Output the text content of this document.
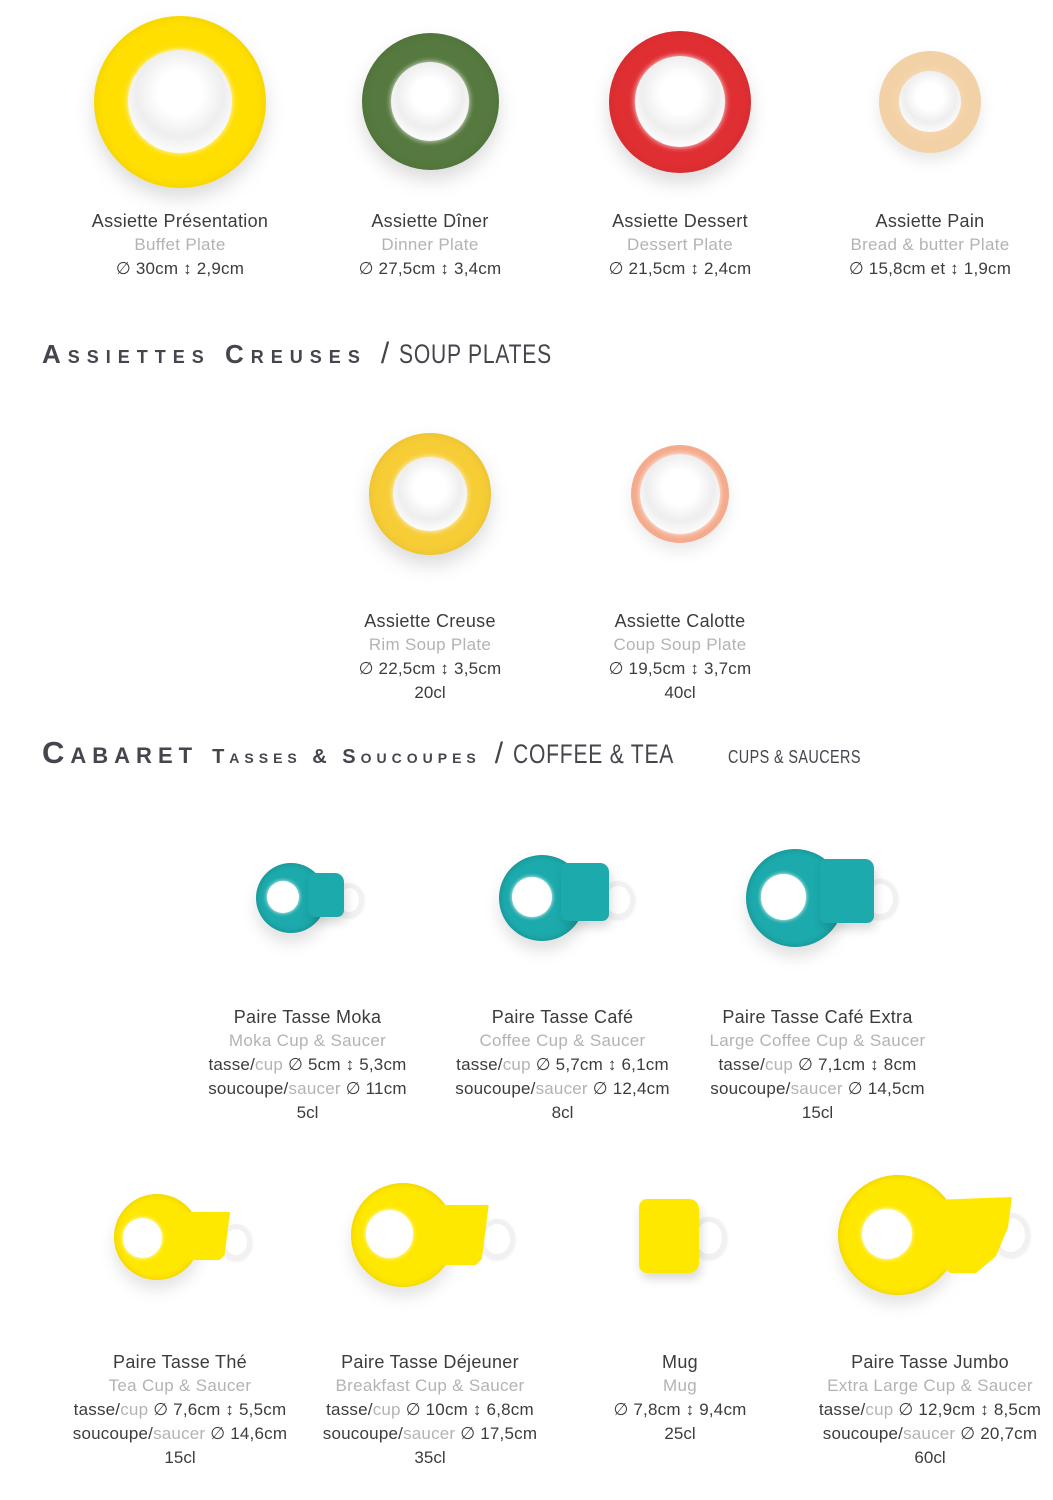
Assiette Présentation
Buffet Plate
∅ 30cm ↕ 2,9cm
Assiette Dîner
Dinner Plate
∅ 27,5cm ↕ 3,4cm
Assiette Dessert
Dessert Plate
∅ 21,5cm ↕ 2,4cm
Assiette Pain
Bread & butter Plate
∅ 15,8cm et ↕ 1,9cm
Assiettes Creuses / SOUP PLATES
Assiette Creuse
Rim Soup Plate
∅ 22,5cm ↕ 3,5cm
20cl
Assiette Calotte
Coup Soup Plate
∅ 19,5cm ↕ 3,7cm
40cl
Cabaret Tasses & Soucoupes / COFFEE & TEA	CUPS & SAUCERS
Paire Tasse Moka
Moka Cup & Saucer
tasse/cup ∅ 5cm ↕ 5,3cm
soucoupe/saucer ∅ 11cm
5cl
Paire Tasse Café
Coffee Cup & Saucer
tasse/cup ∅ 5,7cm ↕ 6,1cm
soucoupe/saucer ∅ 12,4cm
8cl
Paire Tasse Café Extra
Large Coffee Cup & Saucer
tasse/cup ∅ 7,1cm ↕ 8cm
soucoupe/saucer ∅ 14,5cm
15cl
Paire Tasse Thé
Tea Cup & Saucer
tasse/cup ∅ 7,6cm ↕ 5,5cm
soucoupe/saucer ∅ 14,6cm
15cl
Paire Tasse Déjeuner
Breakfast Cup & Saucer
tasse/cup ∅ 10cm ↕ 6,8cm
soucoupe/saucer ∅ 17,5cm
35cl
Mug
Mug
∅ 7,8cm ↕ 9,4cm
25cl
Paire Tasse Jumbo
Extra Large Cup & Saucer
tasse/cup ∅ 12,9cm ↕ 8,5cm
soucoupe/saucer ∅ 20,7cm
60cl
